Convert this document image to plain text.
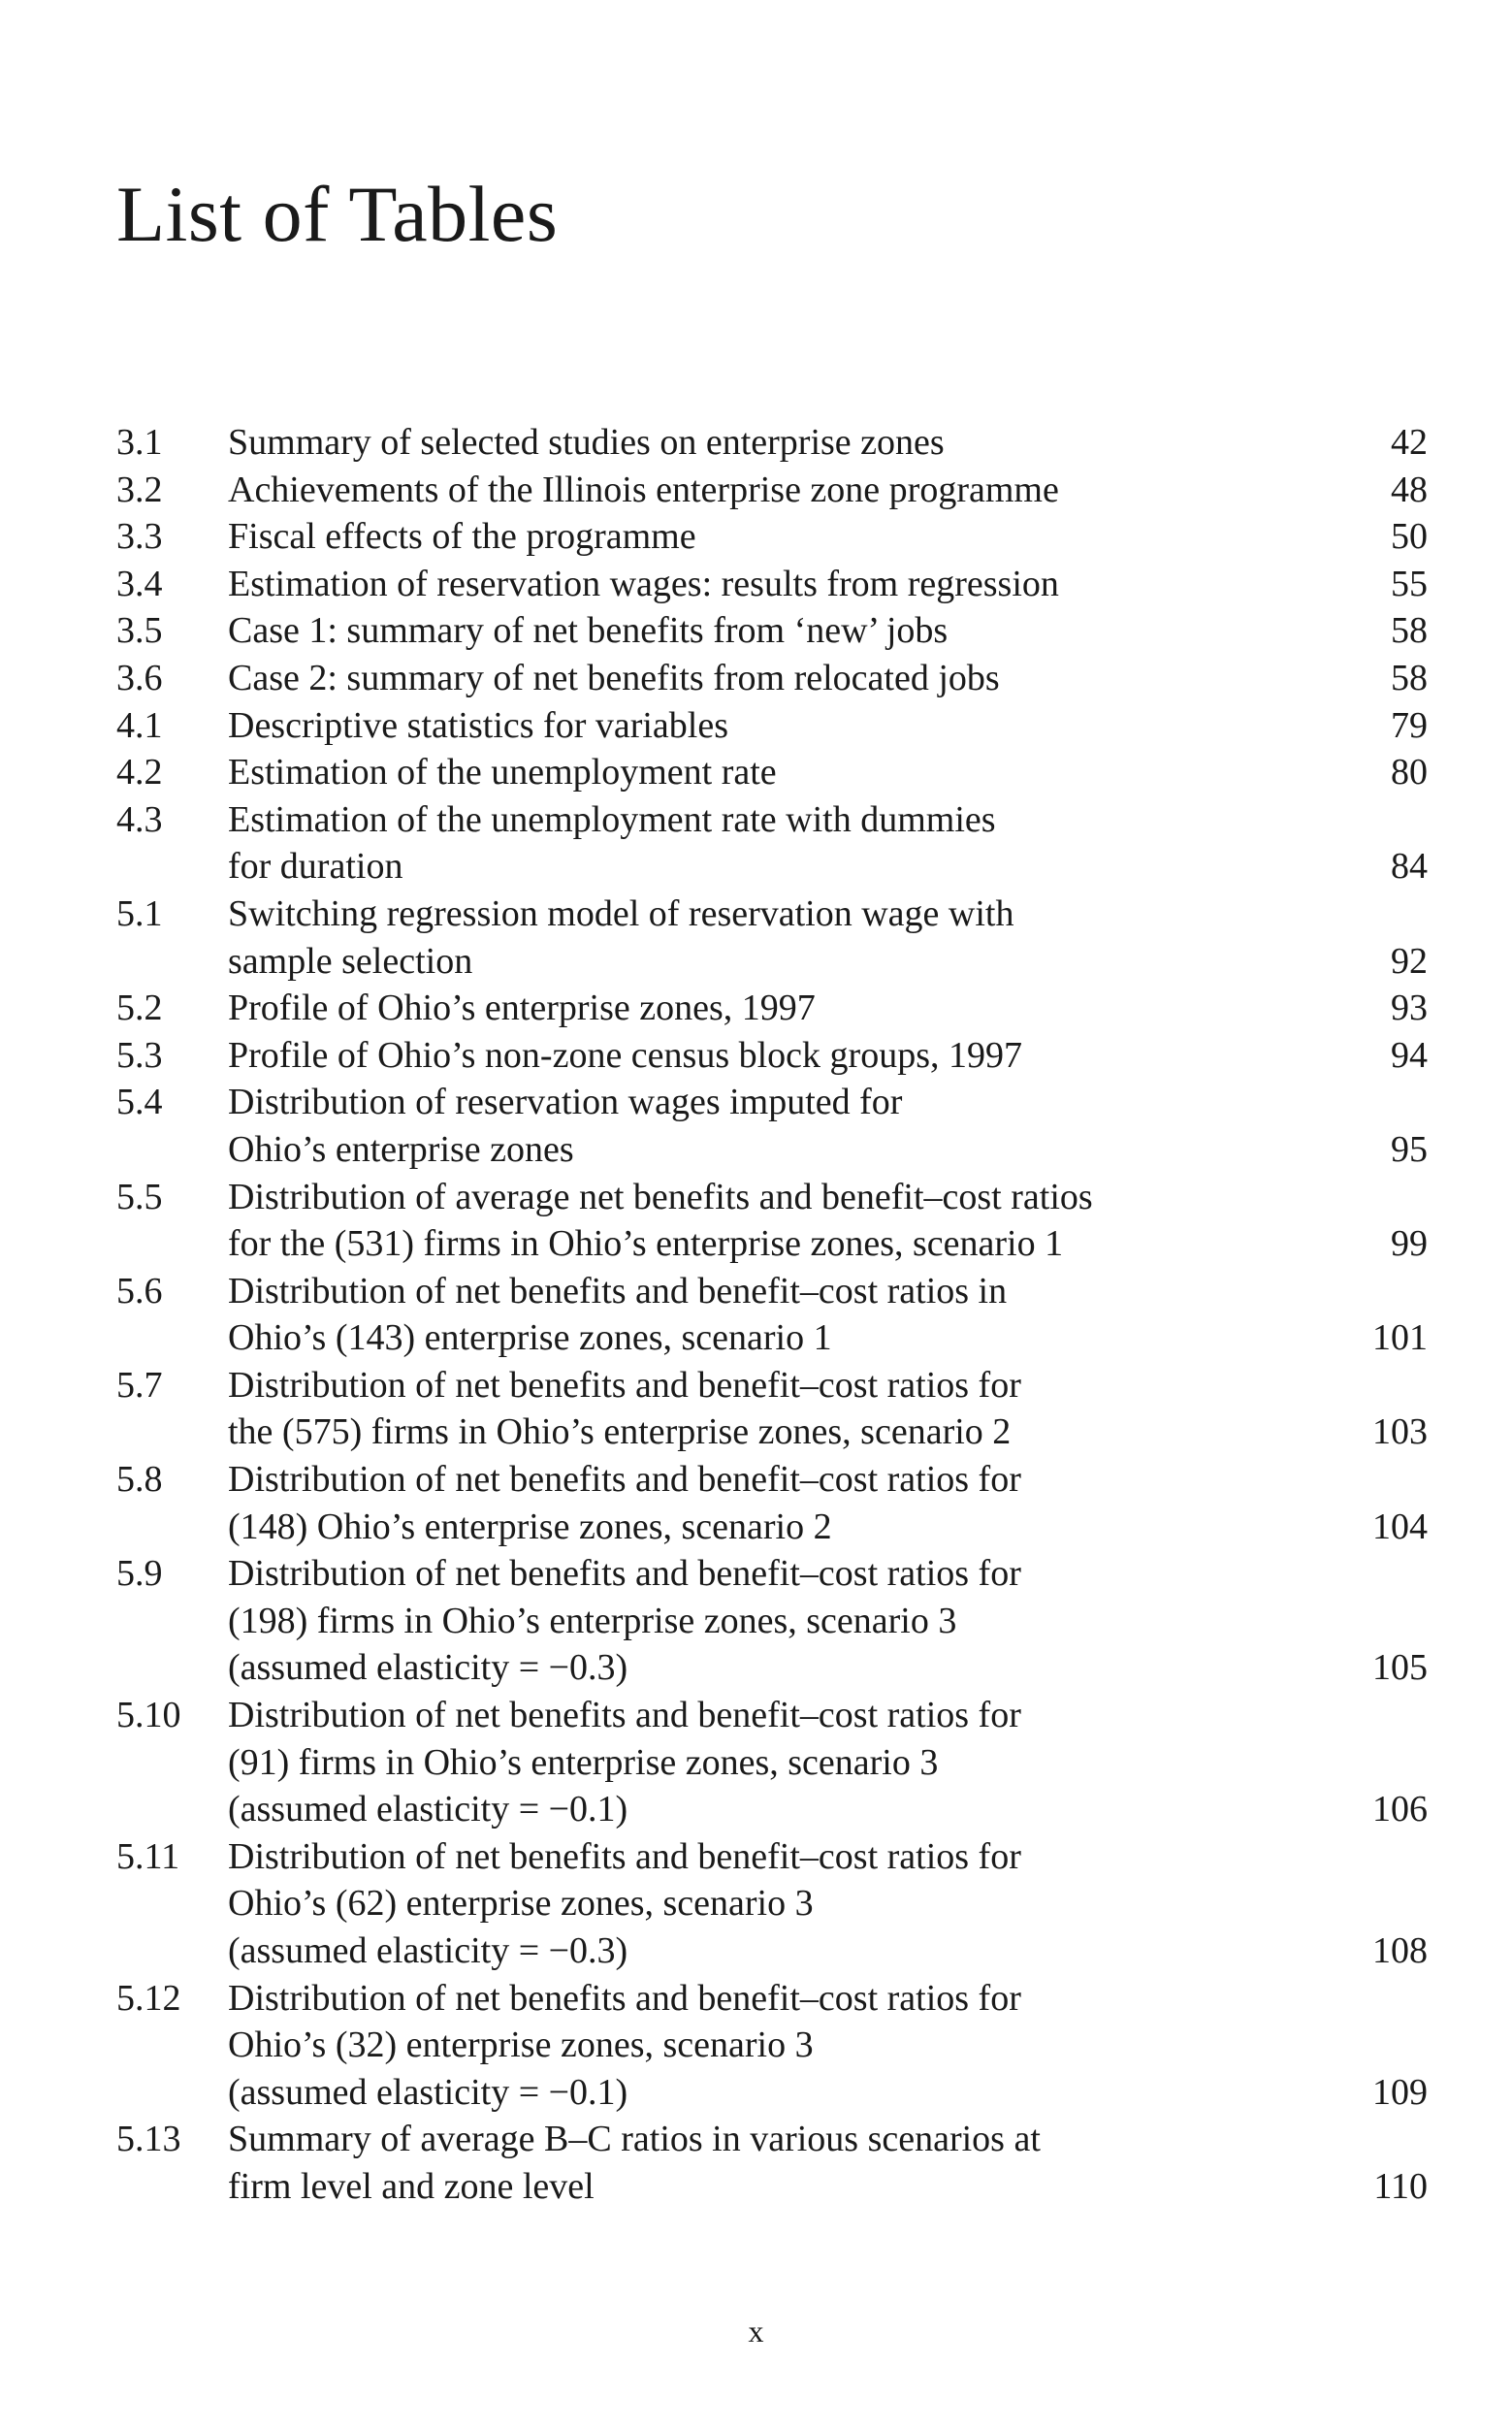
List of Tables
3.1	Summary of selected studies on enterprise zones	42
3.2	Achievements of the Illinois enterprise zone programme	48
3.3	Fiscal effects of the programme	50
3.4	Estimation of reservation wages: results from regression	55
3.5	Case 1: summary of net benefits from ‘new’ jobs	58
3.6	Case 2: summary of net benefits from relocated jobs	58
4.1	Descriptive statistics for variables	79
4.2	Estimation of the unemployment rate	80
4.3	Estimation of the unemployment rate with dummies
for duration	84
5.1	Switching regression model of reservation wage with
sample selection	92
5.2	Profile of Ohio’s enterprise zones, 1997	93
5.3	Profile of Ohio’s non-zone census block groups, 1997	94
5.4	Distribution of reservation wages imputed for
Ohio’s enterprise zones	95
5.5	Distribution of average net benefits and benefit–cost ratios
for the (531) firms in Ohio’s enterprise zones, scenario 1	99
5.6	Distribution of net benefits and benefit–cost ratios in
Ohio’s (143) enterprise zones, scenario 1	101
5.7	Distribution of net benefits and benefit–cost ratios for
the (575) firms in Ohio’s enterprise zones, scenario 2	103
5.8	Distribution of net benefits and benefit–cost ratios for
(148) Ohio’s enterprise zones, scenario 2	104
5.9	Distribution of net benefits and benefit–cost ratios for
(198) firms in Ohio’s enterprise zones, scenario 3
(assumed elasticity = −0.3)	105
5.10	Distribution of net benefits and benefit–cost ratios for
(91) firms in Ohio’s enterprise zones, scenario 3
(assumed elasticity = −0.1)	106
5.11	Distribution of net benefits and benefit–cost ratios for
Ohio’s (62) enterprise zones, scenario 3
(assumed elasticity = −0.3)	108
5.12	Distribution of net benefits and benefit–cost ratios for
Ohio’s (32) enterprise zones, scenario 3
(assumed elasticity = −0.1)	109
5.13	Summary of average B–C ratios in various scenarios at
firm level and zone level	110
x
